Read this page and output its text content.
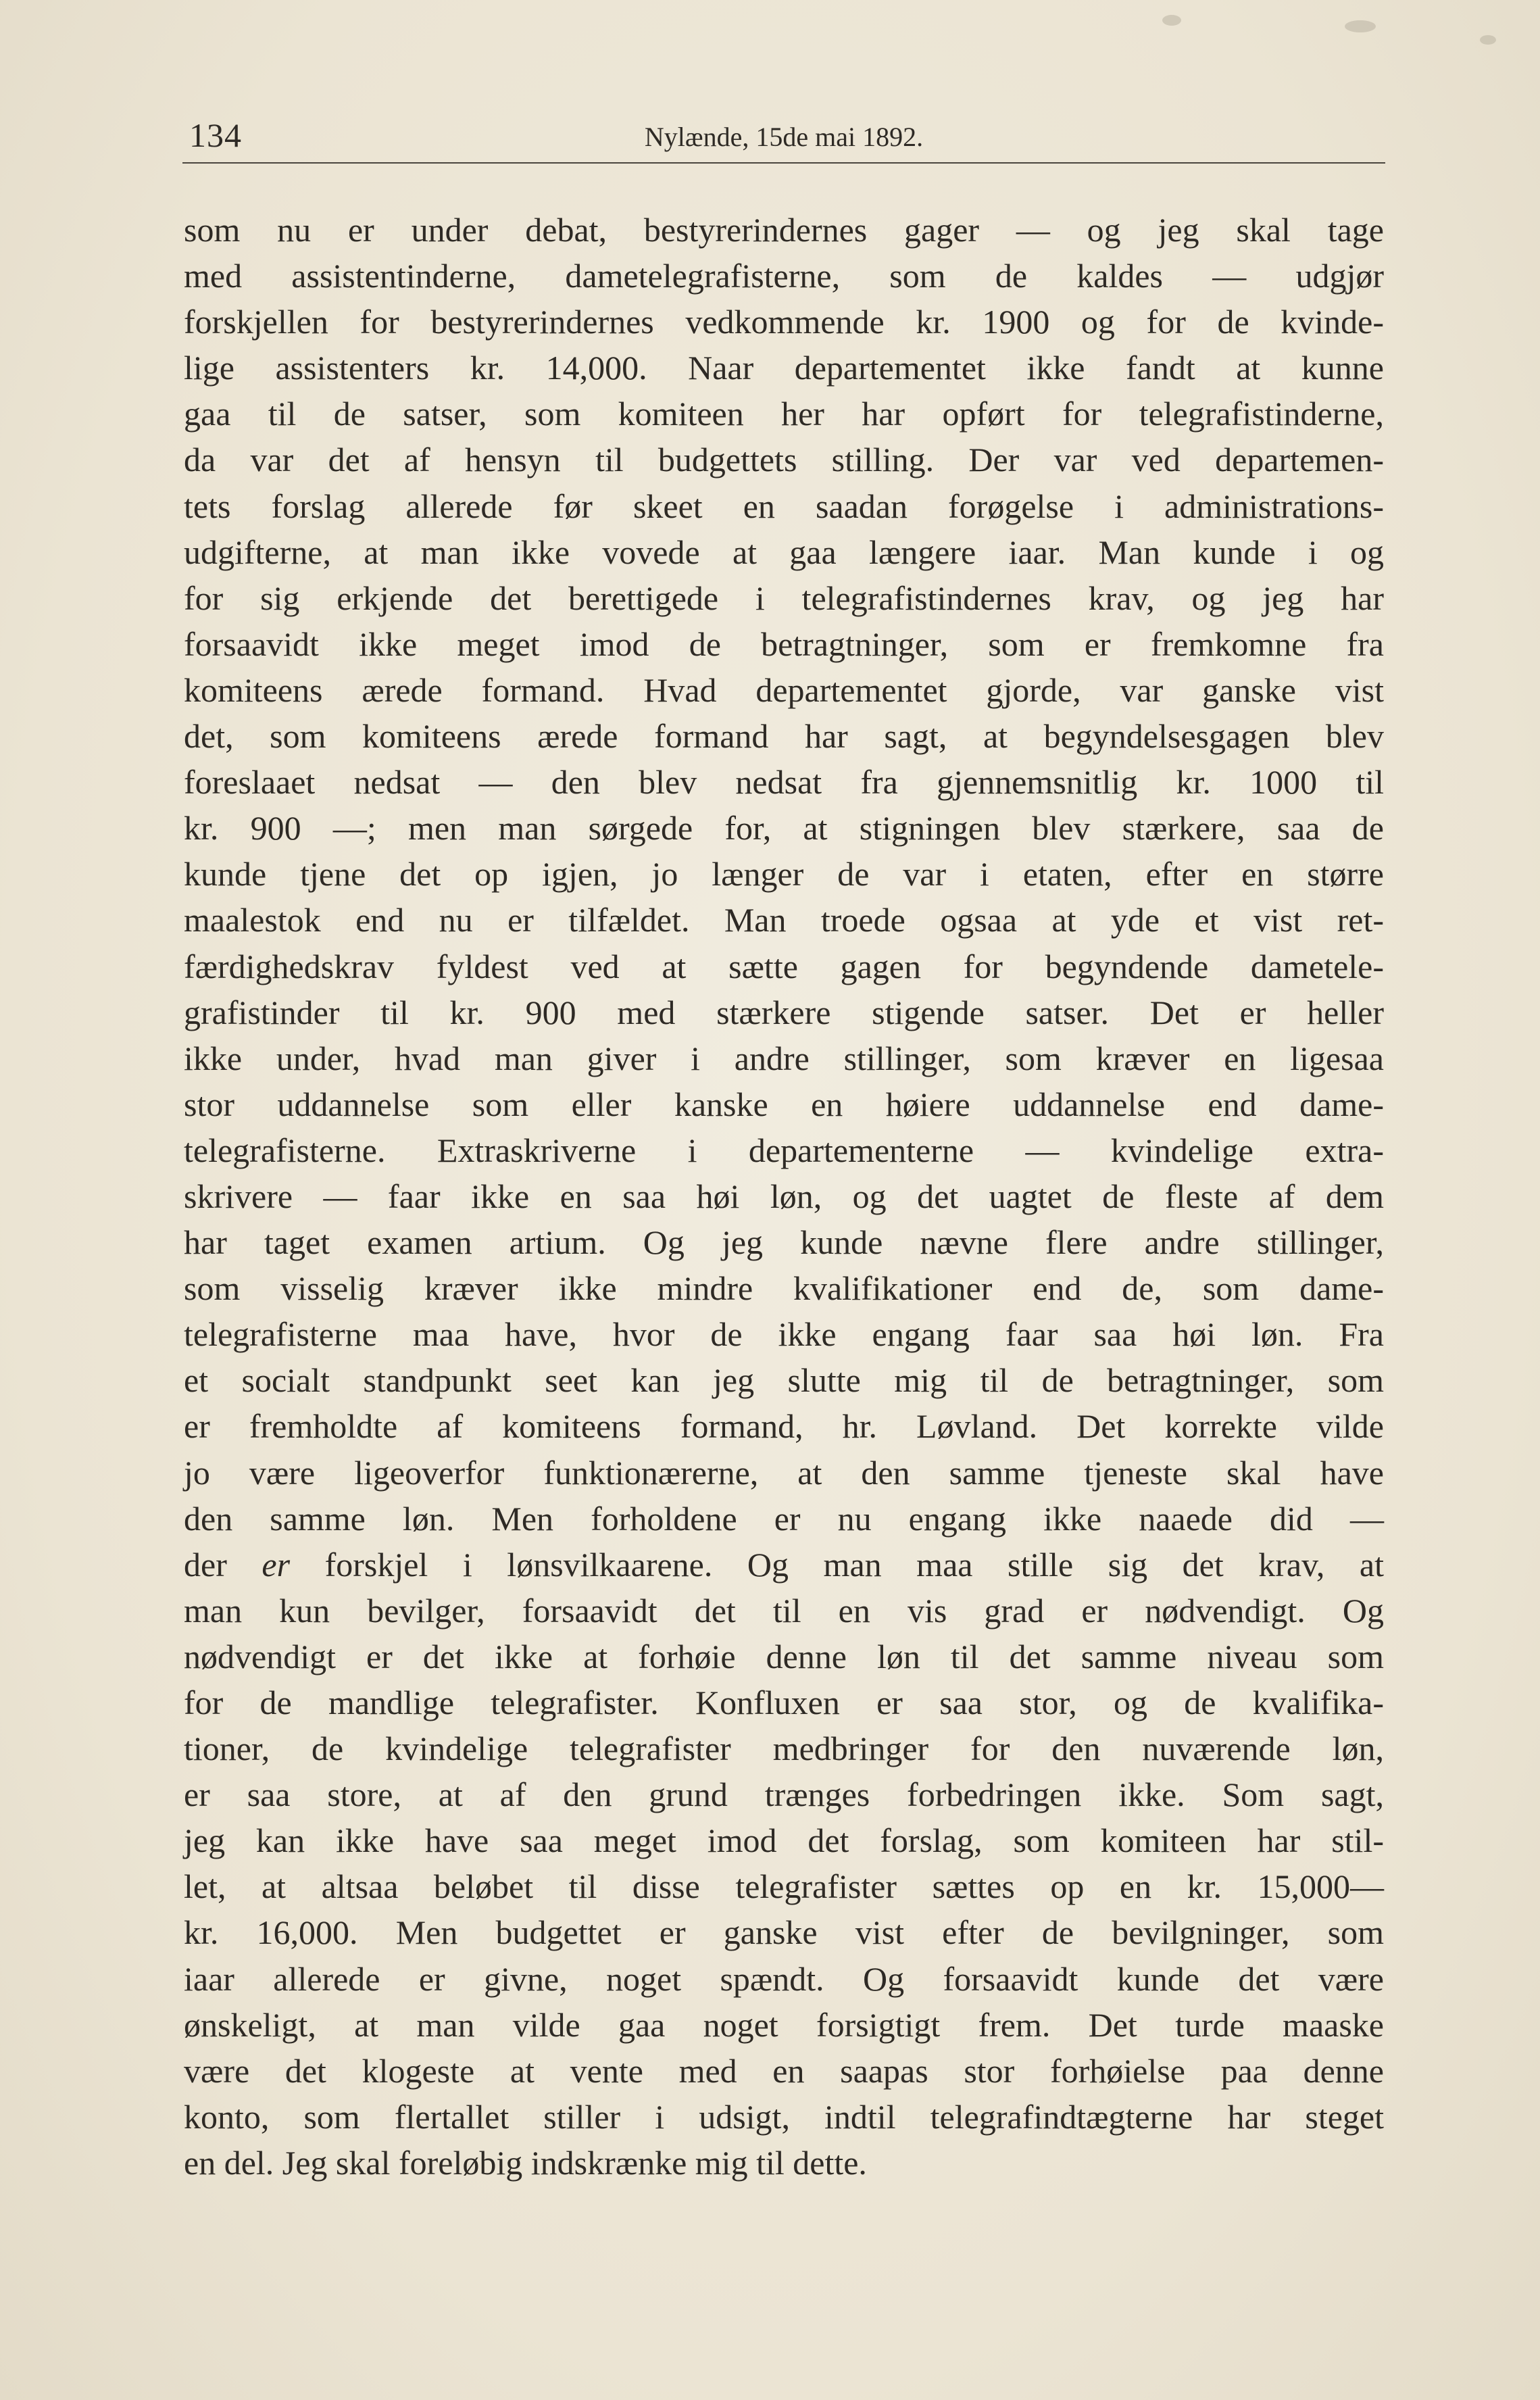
134	Nylænde, 15de mai 1892.
som nu er under debat, bestyrerindernes gager — og jeg skal tage
med assistentinderne, dametelegrafisterne, som de kaldes — udgjør
forskjellen for bestyrerindernes vedkommende kr. 1900 og for de kvinde-
lige assistenters kr. 14,000. Naar departementet ikke fandt at kunne
gaa til de satser, som komiteen her har opført for telegrafistinderne,
da var det af hensyn til budgettets stilling. Der var ved departemen-
tets forslag allerede før skeet en saadan forøgelse i administrations-
udgifterne, at man ikke vovede at gaa længere iaar. Man kunde i og
for sig erkjende det berettigede i telegrafistindernes krav, og jeg har
forsaavidt ikke meget imod de betragtninger, som er fremkomne fra
komiteens ærede formand. Hvad departementet gjorde, var ganske vist
det, som komiteens ærede formand har sagt, at begyndelsesgagen blev
foreslaaet nedsat — den blev nedsat fra gjennemsnitlig kr. 1000 til
kr. 900 —; men man sørgede for, at stigningen blev stærkere, saa de
kunde tjene det op igjen, jo længer de var i etaten, efter en større
maalestok end nu er tilfældet. Man troede ogsaa at yde et vist ret-
færdighedskrav fyldest ved at sætte gagen for begyndende dametele-
grafistinder til kr. 900 med stærkere stigende satser. Det er heller
ikke under, hvad man giver i andre stillinger, som kræver en ligesaa
stor uddannelse som eller kanske en høiere uddannelse end dame-
telegrafisterne. Extraskriverne i departementerne — kvindelige extra-
skrivere — faar ikke en saa høi løn, og det uagtet de fleste af dem
har taget examen artium. Og jeg kunde nævne flere andre stillinger,
som visselig kræver ikke mindre kvalifikationer end de, som dame-
telegrafisterne maa have, hvor de ikke engang faar saa høi løn. Fra
et socialt standpunkt seet kan jeg slutte mig til de betragtninger, som
er fremholdte af komiteens formand, hr. Løvland. Det korrekte vilde
jo være ligeoverfor funktionærerne, at den samme tjeneste skal have
den samme løn. Men forholdene er nu engang ikke naaede did —
der er forskjel i lønsvilkaarene. Og man maa stille sig det krav, at
man kun bevilger, forsaavidt det til en vis grad er nødvendigt. Og
nødvendigt er det ikke at forhøie denne løn til det samme niveau som
for de mandlige telegrafister. Konfluxen er saa stor, og de kvalifika-
tioner, de kvindelige telegrafister medbringer for den nuværende løn,
er saa store, at af den grund trænges forbedringen ikke. Som sagt,
jeg kan ikke have saa meget imod det forslag, som komiteen har stil-
let, at altsaa beløbet til disse telegrafister sættes op en kr. 15,000—
kr. 16,000. Men budgettet er ganske vist efter de bevilgninger, som
iaar allerede er givne, noget spændt. Og forsaavidt kunde det være
ønskeligt, at man vilde gaa noget forsigtigt frem. Det turde maaske
være det klogeste at vente med en saapas stor forhøielse paa denne
konto, som flertallet stiller i udsigt, indtil telegrafindtægterne har steget
en del. Jeg skal foreløbig indskrænke mig til dette.
